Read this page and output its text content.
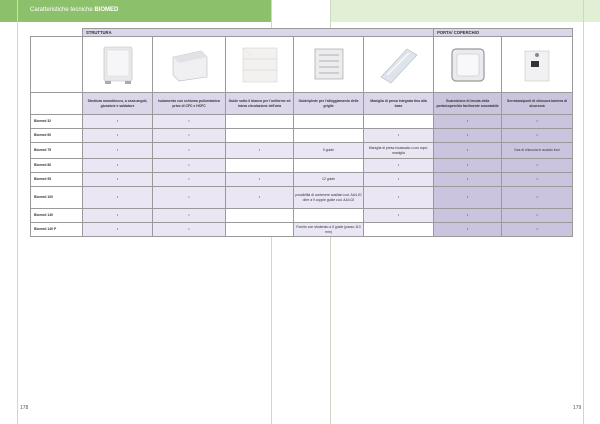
Caratteristiche tecniche BIOMED
	STRUTTURA					PORTA/ COPERCHIO	

	Struttura monoblocco, a ossa angoli, giunzioni e saldature	Isolamento con schiuma poliuretanica privo di CFC e HCFC	Guide sotto il bianco per l'uniforme ed intera circolazione dell'aria	Guide/piede per l'alloggiamento delle griglie	Maniglia di presa integrata tino alla base	Guarnizione di tenuta della porta/coperchio facilmente smontabile	Serratura/punti di chiusura lamiera di sicurezza
Biomed 32	•	•				•	•
Biomed 60	•	•			•	•	•
Biomed 75	•	•	•	5 guide	Maniglia di presa incassata o con copri-maniglia	•	Gas di chiusura in acciaio inox
Biomed 80	•	•			•	•	•
Biomed 95	•	•	•	12 guide	•	•	•
Biomed 100	•	•	•	possibilità di contenere ausiliari cod. AA4.20 oltre a 9 coppie guide cod. AA4.02	•	•	•
Biomed 140	•	•			•	•	•
Biomed 140 P	•	•		Fornito con sfoderato a 5 guide (passo 110 mm)		•	•
178	179
